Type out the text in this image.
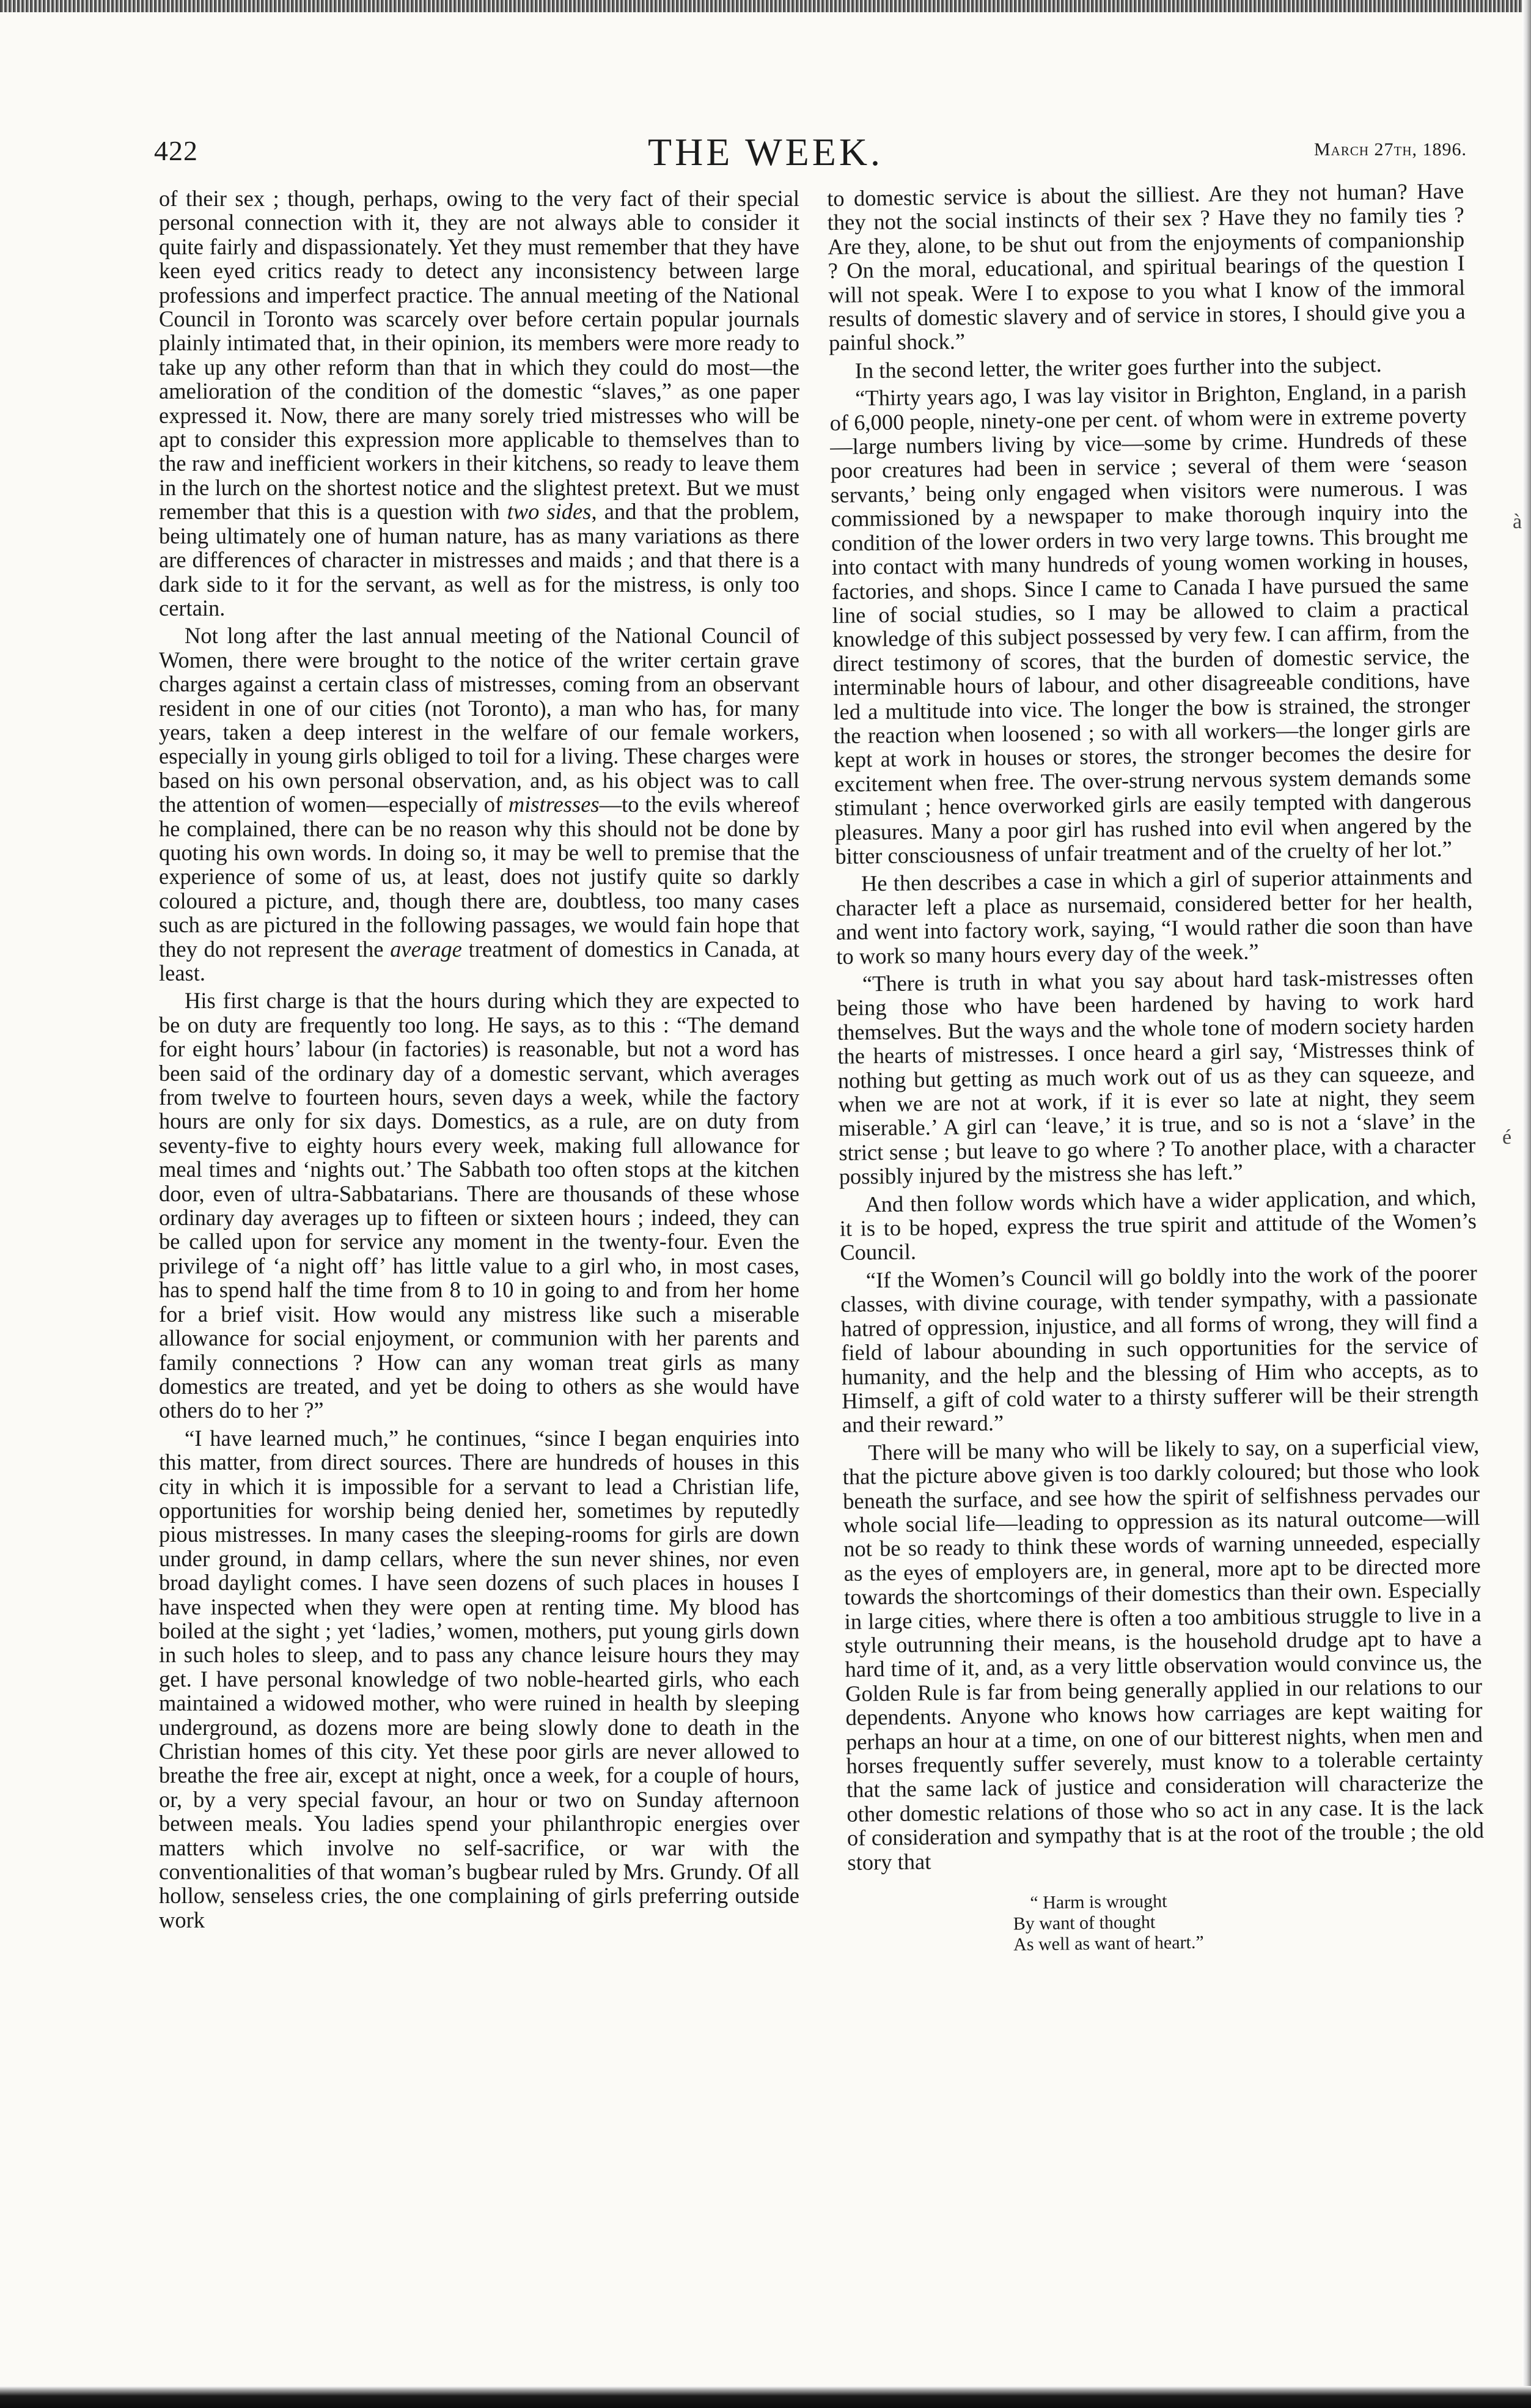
422	THE WEEK.	March 27th, 1896.

of their sex ; though, perhaps, owing to the very fact of their special personal connection with it, they are not always able to consider it quite fairly and dispassionately. Yet they must remember that they have keen eyed critics ready to detect any inconsistency between large professions and imperfect practice. The annual meeting of the National Council in Toronto was scarcely over before certain popular journals plainly intimated that, in their opinion, its members were more ready to take up any other reform than that in which they could do most—the amelioration of the condition of the domestic “slaves,” as one paper expressed it. Now, there are many sorely tried mistresses who will be apt to consider this expression more applicable to themselves than to the raw and inefficient workers in their kitchens, so ready to leave them in the lurch on the shortest notice and the slightest pretext. But we must remember that this is a question with two sides, and that the problem, being ultimately one of human nature, has as many variations as there are differences of character in mistresses and maids ; and that there is a dark side to it for the servant, as well as for the mistress, is only too certain.

Not long after the last annual meeting of the National Council of Women, there were brought to the notice of the writer certain grave charges against a certain class of mistresses, coming from an observant resident in one of our cities (not Toronto), a man who has, for many years, taken a deep interest in the welfare of our female workers, especially in young girls obliged to toil for a living. These charges were based on his own personal observation, and, as his object was to call the attention of women—especially of mistresses—to the evils whereof he complained, there can be no reason why this should not be done by quoting his own words. In doing so, it may be well to premise that the experience of some of us, at least, does not justify quite so darkly coloured a picture, and, though there are, doubtless, too many cases such as are pictured in the following passages, we would fain hope that they do not represent the average treatment of domestics in Canada, at least.

His first charge is that the hours during which they are expected to be on duty are frequently too long. He says, as to this : “The demand for eight hours’ labour (in factories) is reasonable, but not a word has been said of the ordinary day of a domestic servant, which averages from twelve to fourteen hours, seven days a week, while the factory hours are only for six days. Domestics, as a rule, are on duty from seventy-five to eighty hours every week, making full allowance for meal times and ‘nights out.’ The Sabbath too often stops at the kitchen door, even of ultra-Sabbatarians. There are thousands of these whose ordinary day averages up to fifteen or sixteen hours ; indeed, they can be called upon for service any moment in the twenty-four. Even the privilege of ‘a night off’ has little value to a girl who, in most cases, has to spend half the time from 8 to 10 in going to and from her home for a brief visit. How would any mistress like such a miserable allowance for social enjoyment, or communion with her parents and family connections ? How can any woman treat girls as many domestics are treated, and yet be doing to others as she would have others do to her ?”

“I have learned much,” he continues, “since I began enquiries into this matter, from direct sources. There are hundreds of houses in this city in which it is impossible for a servant to lead a Christian life, opportunities for worship being denied her, sometimes by reputedly pious mistresses. In many cases the sleeping-rooms for girls are down under ground, in damp cellars, where the sun never shines, nor even broad daylight comes. I have seen dozens of such places in houses I have inspected when they were open at renting time. My blood has boiled at the sight ; yet ‘ladies,’ women, mothers, put young girls down in such holes to sleep, and to pass any chance leisure hours they may get. I have personal knowledge of two noble-hearted girls, who each maintained a widowed mother, who were ruined in health by sleeping underground, as dozens more are being slowly done to death in the Christian homes of this city. Yet these poor girls are never allowed to breathe the free air, except at night, once a week, for a couple of hours, or, by a very special favour, an hour or two on Sunday afternoon between meals. You ladies spend your philanthropic energies over matters which involve no self-sacrifice, or war with the conventionalities of that woman’s bugbear ruled by Mrs. Grundy. Of all hollow, senseless cries, the one complaining of girls preferring outside work

to domestic service is about the silliest. Are they not human? Have they not the social instincts of their sex ? Have they no family ties ? Are they, alone, to be shut out from the enjoyments of companionship ? On the moral, educational, and spiritual bearings of the question I will not speak. Were I to expose to you what I know of the immoral results of domestic slavery and of service in stores, I should give you a painful shock.”

In the second letter, the writer goes further into the subject.

“Thirty years ago, I was lay visitor in Brighton, England, in a parish of 6,000 people, ninety-one per cent. of whom were in extreme poverty—large numbers living by vice—some by crime. Hundreds of these poor creatures had been in service ; several of them were ‘season servants,’ being only engaged when visitors were numerous. I was commissioned by a newspaper to make thorough inquiry into the condition of the lower orders in two very large towns. This brought me into contact with many hundreds of young women working in houses, factories, and shops. Since I came to Canada I have pursued the same line of social studies, so I may be allowed to claim a practical knowledge of this subject possessed by very few. I can affirm, from the direct testimony of scores, that the burden of domestic service, the interminable hours of labour, and other disagreeable conditions, have led a multitude into vice. The longer the bow is strained, the stronger the reaction when loosened ; so with all workers—the longer girls are kept at work in houses or stores, the stronger becomes the desire for excitement when free. The over-strung nervous system demands some stimulant ; hence overworked girls are easily tempted with dangerous pleasures. Many a poor girl has rushed into evil when angered by the bitter consciousness of unfair treatment and of the cruelty of her lot.”

He then describes a case in which a girl of superior attainments and character left a place as nursemaid, considered better for her health, and went into factory work, saying, “I would rather die soon than have to work so many hours every day of the week.”

“There is truth in what you say about hard task-mistresses often being those who have been hardened by having to work hard themselves. But the ways and the whole tone of modern society harden the hearts of mistresses. I once heard a girl say, ‘Mistresses think of nothing but getting as much work out of us as they can squeeze, and when we are not at work, if it is ever so late at night, they seem miserable.’ A girl can ‘leave,’ it is true, and so is not a ‘slave’ in the strict sense ; but leave to go where ? To another place, with a character possibly injured by the mistress she has left.”

And then follow words which have a wider application, and which, it is to be hoped, express the true spirit and attitude of the Women’s Council.

“If the Women’s Council will go boldly into the work of the poorer classes, with divine courage, with tender sympathy, with a passionate hatred of oppression, injustice, and all forms of wrong, they will find a field of labour abounding in such opportunities for the service of humanity, and the help and the blessing of Him who accepts, as to Himself, a gift of cold water to a thirsty sufferer will be their strength and their reward.”

There will be many who will be likely to say, on a superficial view, that the picture above given is too darkly coloured; but those who look beneath the surface, and see how the spirit of selfishness pervades our whole social life—leading to oppression as its natural outcome—will not be so ready to think these words of warning unneeded, especially as the eyes of employers are, in general, more apt to be directed more towards the shortcomings of their domestics than their own. Especially in large cities, where there is often a too ambitious struggle to live in a style outrunning their means, is the household drudge apt to have a hard time of it, and, as a very little observation would convince us, the Golden Rule is far from being generally applied in our relations to our dependents. Anyone who knows how carriages are kept waiting for perhaps an hour at a time, on one of our bitterest nights, when men and horses frequently suffer severely, must know to a tolerable certainty that the same lack of justice and consideration will characterize the other domestic relations of those who so act in any case. It is the lack of consideration and sympathy that is at the root of the trouble ; the old story that

“ Harm is wrought
By want of thought
As well as want of heart.”
à
é
